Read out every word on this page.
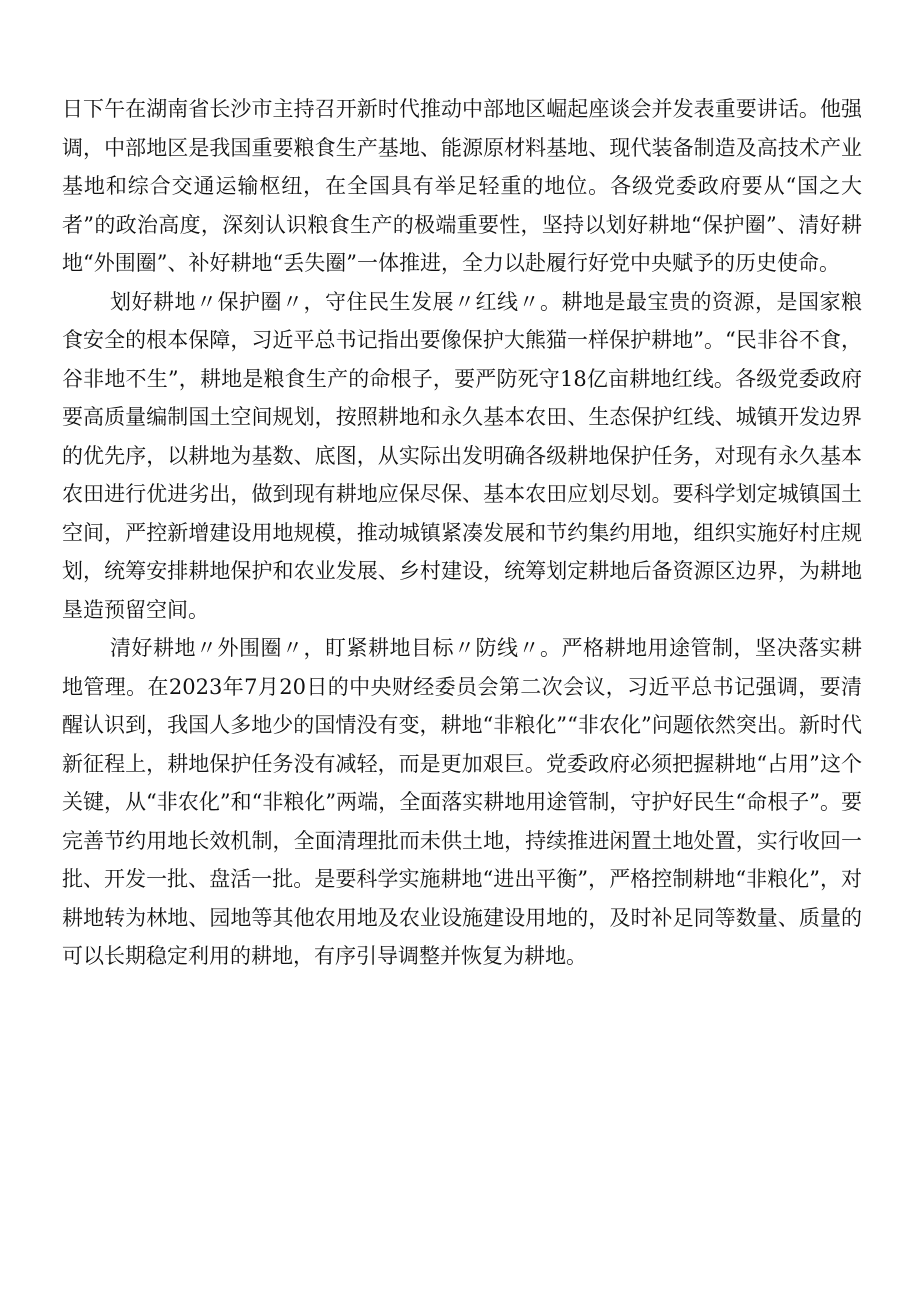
日下午在湖南省长沙市主持召开新时代推动中部地区崛起座谈会并发表重要讲话。他强调，中部地区是我国重要粮食生产基地、能源原材料基地、现代装备制造及高技术产业基地和综合交通运输枢纽，在全国具有举足轻重的地位。各级党委政府要从“国之大者”的政治高度，深刻认识粮食生产的极端重要性，坚持以划好耕地“保护圈”、清好耕地“外围圈”、补好耕地“丢失圈”一体推进，全力以赴履行好党中央赋予的历史使命。

划好耕地〃保护圈〃，守住民生发展〃红线〃。耕地是最宝贵的资源，是国家粮食安全的根本保障，习近平总书记指出要像保护大熊猫一样保护耕地”。“民非谷不食，谷非地不生”，耕地是粮食生产的命根子，要严防死守18亿亩耕地红线。各级党委政府要高质量编制国土空间规划，按照耕地和永久基本农田、生态保护红线、城镇开发边界的优先序，以耕地为基数、底图，从实际出发明确各级耕地保护任务，对现有永久基本农田进行优进劣出，做到现有耕地应保尽保、基本农田应划尽划。要科学划定城镇国土空间，严控新增建设用地规模，推动城镇紧凑发展和节约集约用地，组织实施好村庄规划，统筹安排耕地保护和农业发展、乡村建设，统筹划定耕地后备资源区边界，为耕地垦造预留空间。

清好耕地〃外围圈〃，盯紧耕地目标〃防线〃。严格耕地用途管制，坚决落实耕地管理。在2023年7月20日的中央财经委员会第二次会议，习近平总书记强调，要清醒认识到，我国人多地少的国情没有变，耕地“非粮化”“非农化”问题依然突出。新时代新征程上，耕地保护任务没有减轻，而是更加艰巨。党委政府必须把握耕地“占用”这个关键，从“非农化”和“非粮化”两端，全面落实耕地用途管制，守护好民生“命根子”。要完善节约用地长效机制，全面清理批而未供土地，持续推进闲置土地处置，实行收回一批、开发一批、盘活一批。是要科学实施耕地“进出平衡”，严格控制耕地“非粮化”，对耕地转为林地、园地等其他农用地及农业设施建设用地的，及时补足同等数量、质量的可以长期稳定利用的耕地，有序引导调整并恢复为耕地。
